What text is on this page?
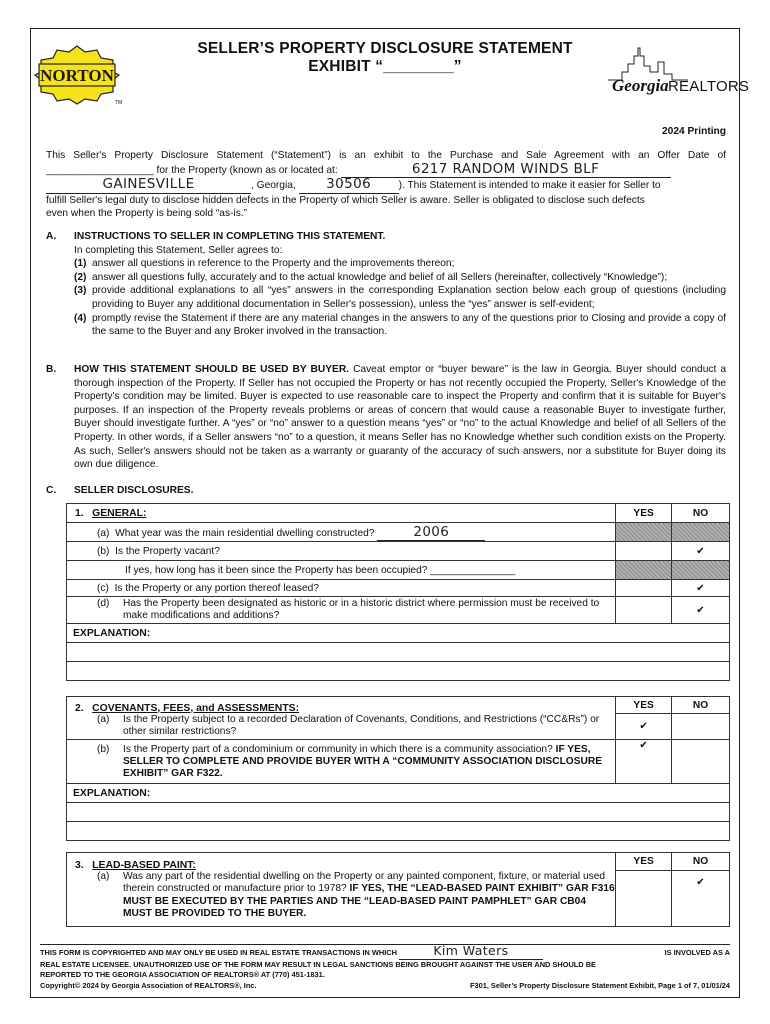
NORTON
TM
SELLER’S PROPERTY DISCLOSURE STATEMENT
EXHIBIT “________”
Georgia REALTORS
2024 Printing
This Seller's Property Disclosure Statement (“Statement”) is an exhibit to the Purchase and Sale Agreement with an Offer Date of
___________________ for the Property (known as or located at:	6217 RANDOM WINDS BLF
GAINESVILLE	, Georgia, 30506	). This Statement is intended to make it easier for Seller to
fulfill Seller's legal duty to disclose hidden defects in the Property of which Seller is aware. Seller is obligated to disclose such defects
even when the Property is being sold “as-is.”
A. INSTRUCTIONS TO SELLER IN COMPLETING THIS STATEMENT.
In completing this Statement, Seller agrees to:
(1) answer all questions in reference to the Property and the improvements thereon;
(2) answer all questions fully, accurately and to the actual knowledge and belief of all Sellers (hereinafter, collectively “Knowledge”);
(3) provide additional explanations to all “yes” answers in the corresponding Explanation section below each group of questions (including providing to Buyer any additional documentation in Seller's possession), unless the “yes” answer is self-evident;
(4) promptly revise the Statement if there are any material changes in the answers to any of the questions prior to Closing and provide a copy of the same to the Buyer and any Broker involved in the transaction.
B. HOW THIS STATEMENT SHOULD BE USED BY BUYER. Caveat emptor or “buyer beware” is the law in Georgia. Buyer should conduct a thorough inspection of the Property. If Seller has not occupied the Property or has not recently occupied the Property, Seller's Knowledge of the Property's condition may be limited. Buyer is expected to use reasonable care to inspect the Property and confirm that it is suitable for Buyer's purposes. If an inspection of the Property reveals problems or areas of concern that would cause a reasonable Buyer to investigate further, Buyer should investigate further. A “yes” or “no” answer to a question means “yes” or “no” to the actual Knowledge and belief of all Sellers of the Property. In other words, if a Seller answers “no” to a question, it means Seller has no Knowledge whether such condition exists on the Property. As such, Seller's answers should not be taken as a warranty or guaranty of the accuracy of such answers, nor a substitute for Buyer doing its own due diligence.
C. SELLER DISCLOSURES.
1. GENERAL:	YES	NO
(a) What year was the main residential dwelling constructed? 2006		
(b) Is the Property vacant?		✔
If yes, how long has it been since the Property has been occupied? _______________		
(c) Is the Property or any portion thereof leased?		✔

(d) Has the Property been designated as historic or in a historic district where permission must be received to make modifications and additions?		✔
EXPLANATION:		

2. COVENANTS, FEES, and ASSESSMENTS:	YES	NO

(a) Is the Property subject to a recorded Declaration of Covenants, Conditions, and Restrictions (“CC&Rs”) or other similar restrictions?	✔	

(b) Is the Property part of a condominium or community in which there is a community association? IF YES, SELLER TO COMPLETE AND PROVIDE BUYER WITH A “COMMUNITY ASSOCIATION DISCLOSURE EXHIBIT” GAR F322.	✔	
EXPLANATION:		

3. LEAD-BASED PAINT:	YES	NO

(a) Was any part of the residential dwelling on the Property or any painted component, fixture, or material used therein constructed or manufacture prior to 1978? IF YES, THE “LEAD-BASED PAINT EXHIBIT” GAR F316 MUST BE EXECUTED BY THE PARTIES AND THE “LEAD-BASED PAINT PAMPHLET” GAR CB04 MUST BE PROVIDED TO THE BUYER.		✔
THIS FORM IS COPYRIGHTED AND MAY ONLY BE USED IN REAL ESTATE TRANSACTIONS IN WHICH	Kim Waters	IS INVOLVED AS A
REAL ESTATE LICENSEE. UNAUTHORIZED USE OF THE FORM MAY RESULT IN LEGAL SANCTIONS BEING BROUGHT AGAINST THE USER AND SHOULD BE
REPORTED TO THE GEORGIA ASSOCIATION OF REALTORS® AT (770) 451-1831.
Copyright© 2024 by Georgia Association of REALTORS®, Inc.	F301, Seller’s Property Disclosure Statement Exhibit, Page 1 of 7, 01/01/24
